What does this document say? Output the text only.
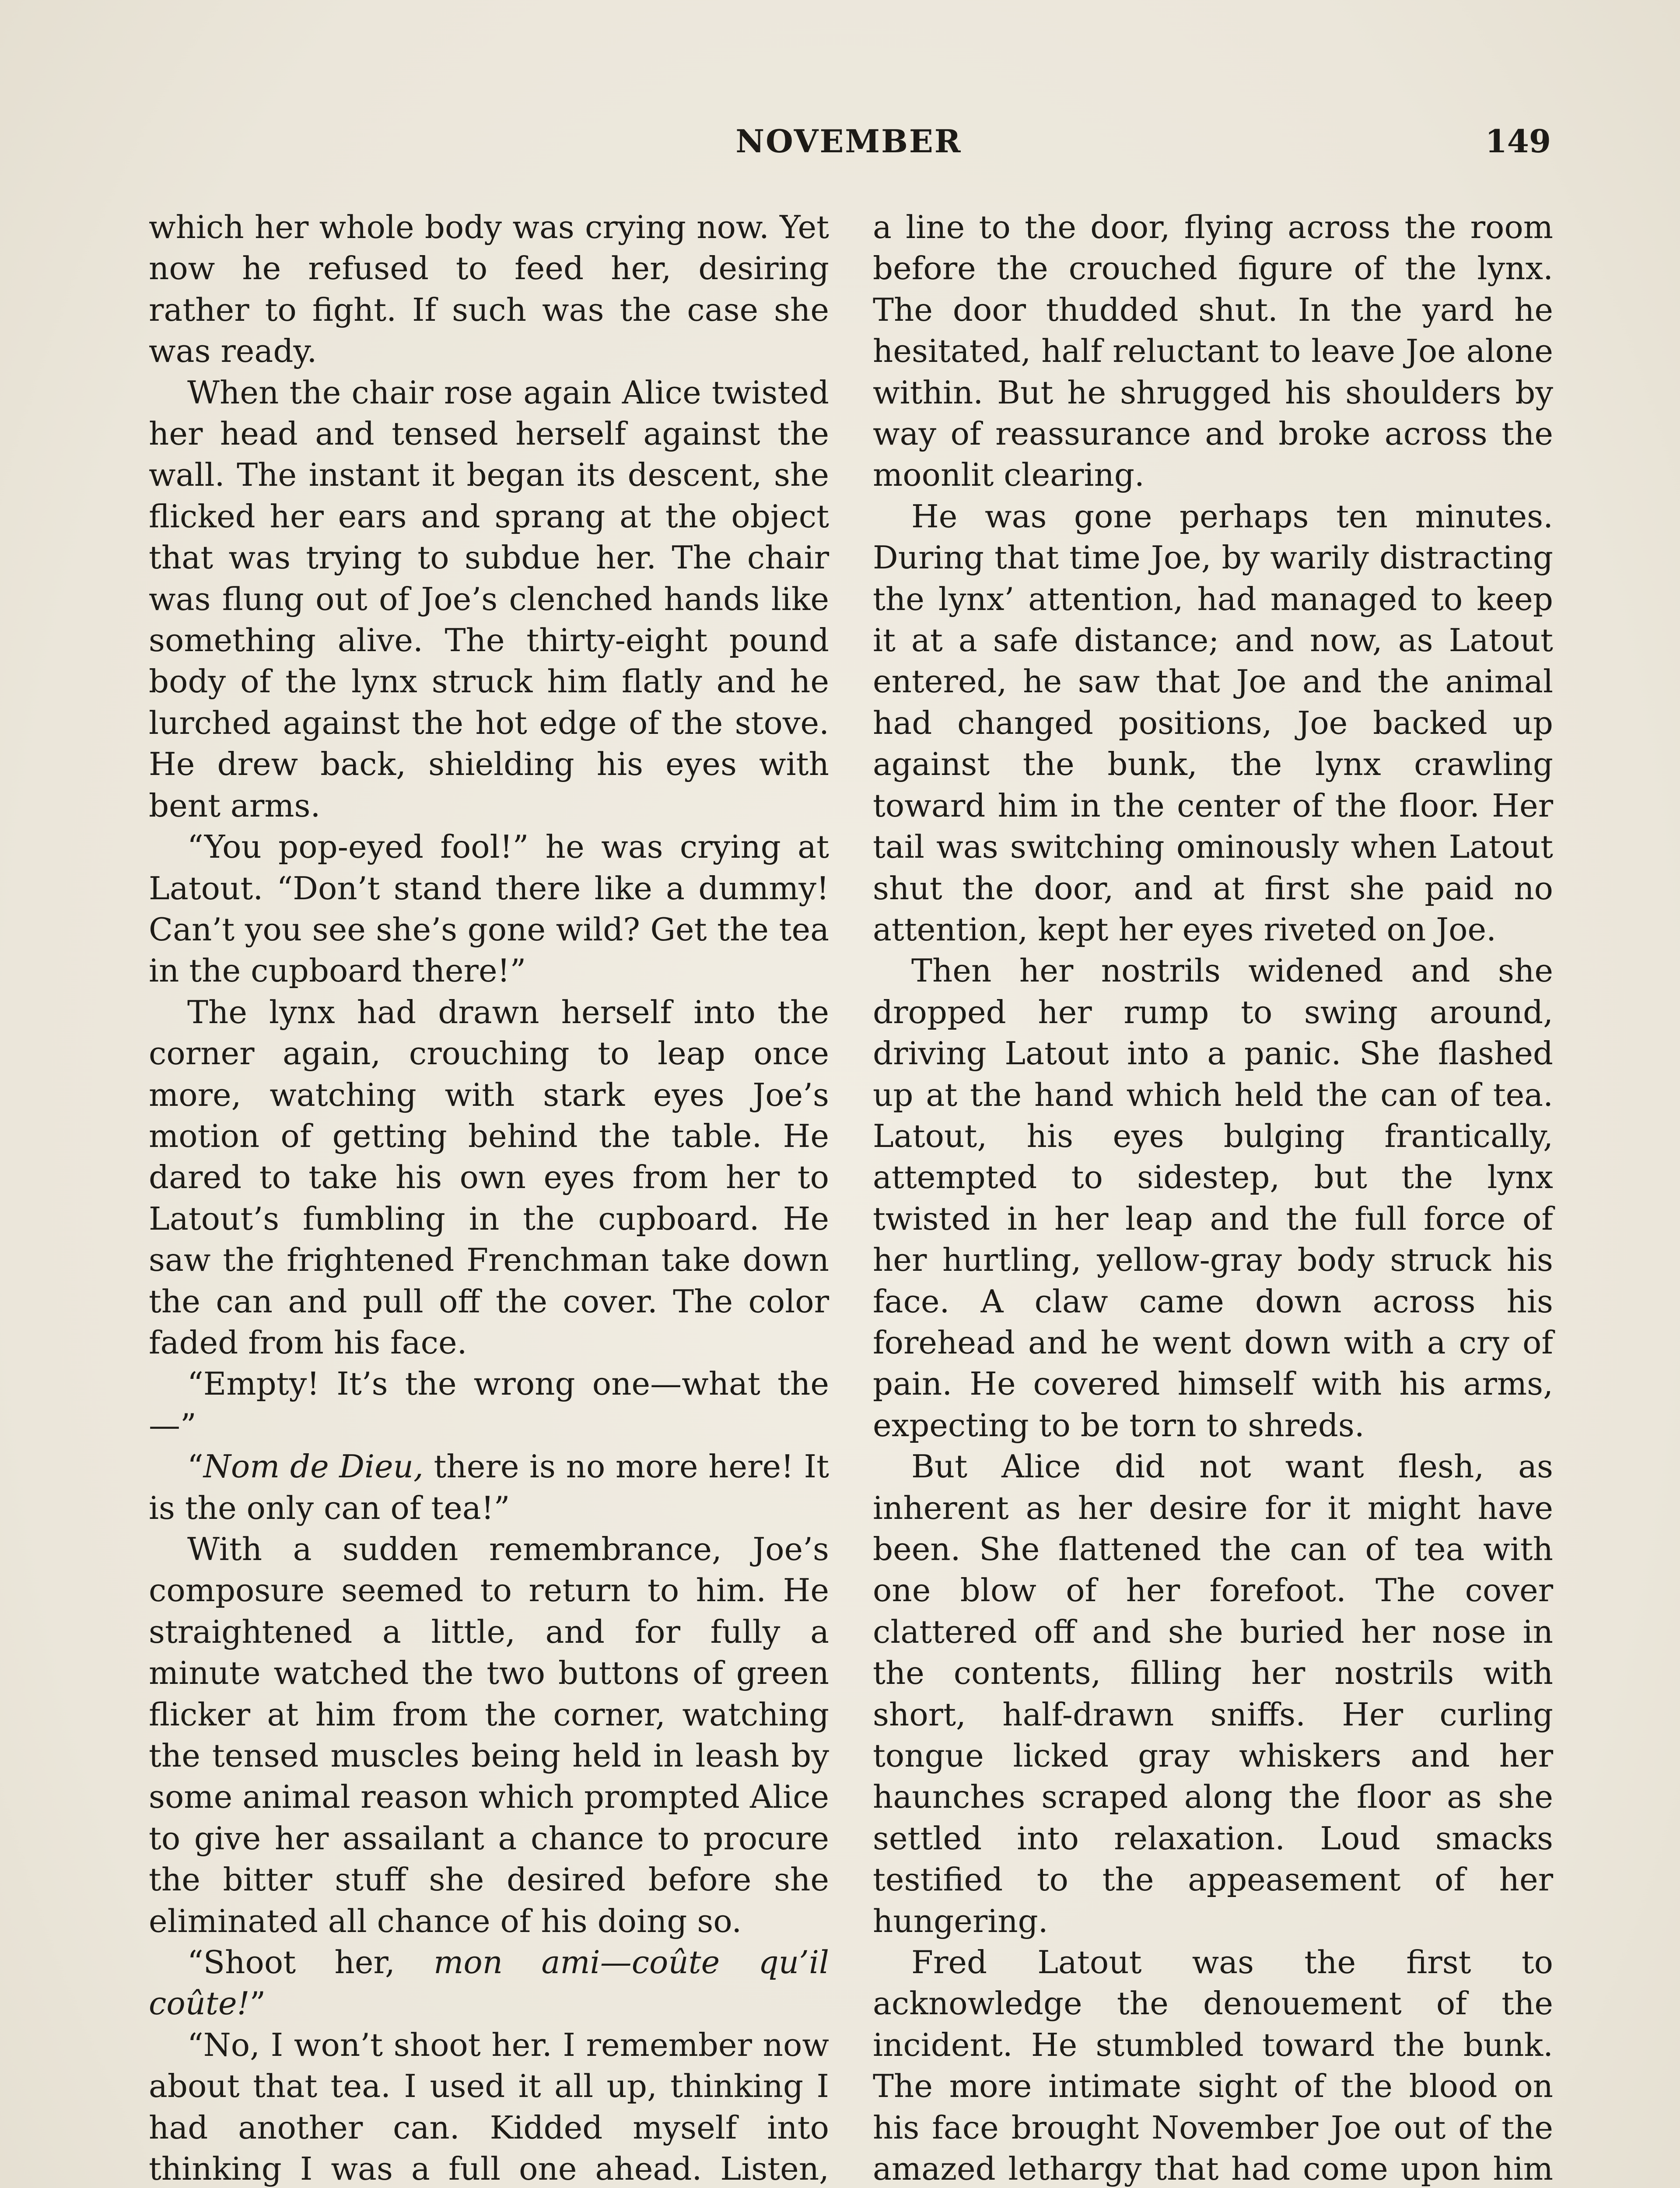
NOVEMBER	149

which her whole body was crying now. Yet now he refused to feed her, desiring rather to fight. If such was the case she was ready.

When the chair rose again Alice twisted her head and tensed herself against the wall. The instant it began its descent, she flicked her ears and sprang at the object that was trying to subdue her. The chair was flung out of Joe’s clenched hands like something alive. The thirty-eight pound body of the lynx struck him flatly and he lurched against the hot edge of the stove. He drew back, shielding his eyes with bent arms.

“You pop-eyed fool!” he was crying at Latout. “Don’t stand there like a dummy! Can’t you see she’s gone wild? Get the tea in the cupboard there!”

The lynx had drawn herself into the corner again, crouching to leap once more, watching with stark eyes Joe’s motion of getting behind the table. He dared to take his own eyes from her to Latout’s fumbling in the cupboard. He saw the frightened Frenchman take down the can and pull off the cover. The color faded from his face.

“Empty! It’s the wrong one—what the—”

“Nom de Dieu, there is no more here! It is the only can of tea!”

With a sudden remembrance, Joe’s composure seemed to return to him. He straightened a little, and for fully a minute watched the two buttons of green flicker at him from the corner, watching the tensed muscles being held in leash by some animal reason which prompted Alice to give her assailant a chance to procure the bitter stuff she desired before she eliminated all chance of his doing so.

“Shoot her, mon ami—coûte qu’il coûte!”

“No, I won’t shoot her. I remember now about that tea. I used it all up, thinking I had another can. Kidded myself into thinking I was a full one ahead. Listen,

a line to the door, flying across the room before the crouched figure of the lynx. The door thudded shut. In the yard he hesitated, half reluctant to leave Joe alone within. But he shrugged his shoulders by way of reassurance and broke across the moonlit clearing.

He was gone perhaps ten minutes. During that time Joe, by warily distracting the lynx’ attention, had managed to keep it at a safe distance; and now, as Latout entered, he saw that Joe and the animal had changed positions, Joe backed up against the bunk, the lynx crawling toward him in the center of the floor. Her tail was switching ominously when Latout shut the door, and at first she paid no attention, kept her eyes riveted on Joe.

Then her nostrils widened and she dropped her rump to swing around, driving Latout into a panic. She flashed up at the hand which held the can of tea. Latout, his eyes bulging frantically, attempted to sidestep, but the lynx twisted in her leap and the full force of her hurtling, yellow-gray body struck his face. A claw came down across his forehead and he went down with a cry of pain. He covered himself with his arms, expecting to be torn to shreds.

But Alice did not want flesh, as inherent as her desire for it might have been. She flattened the can of tea with one blow of her forefoot. The cover clattered off and she buried her nose in the contents, filling her nostrils with short, half-drawn sniffs. Her curling tongue licked gray whiskers and her haunches scraped along the floor as she settled into relaxation. Loud smacks testified to the appeasement of her hungering.

Fred Latout was the first to acknowledge the denouement of the incident. He stumbled toward the bunk. The more intimate sight of the blood on his face brought November Joe out of the amazed lethargy that had come upon him
